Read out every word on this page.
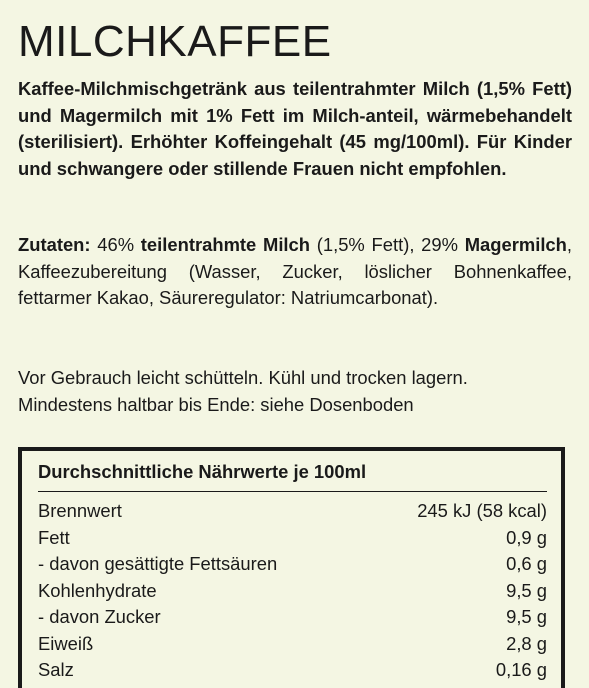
MILCHKAFFEE

Kaffee-Milchmischgetränk aus teilentrahmter Milch (1,5% Fett) und Magermilch mit 1% Fett im Milch-anteil, wärmebehandelt (sterilisiert). Erhöhter Koffeingehalt (45 mg/100ml). Für Kinder und schwangere oder stillende Frauen nicht empfohlen.

Zutaten: 46% teilentrahmte Milch (1,5% Fett), 29% Magermilch, Kaffeezubereitung (Wasser, Zucker, löslicher Bohnenkaffee, fettarmer Kakao, Säureregulator: Natriumcarbonat).

Vor Gebrauch leicht schütteln. Kühl und trocken lagern.
Mindestens haltbar bis Ende: siehe Dosenboden

Durchschnittliche Nährwerte je 100ml
Brennwert	245 kJ (58 kcal)
Fett	0,9 g
- davon gesättigte Fettsäuren	0,6 g
Kohlenhydrate	9,5 g
- davon Zucker	9,5 g
Eiweiß	2,8 g
Salz	0,16 g
